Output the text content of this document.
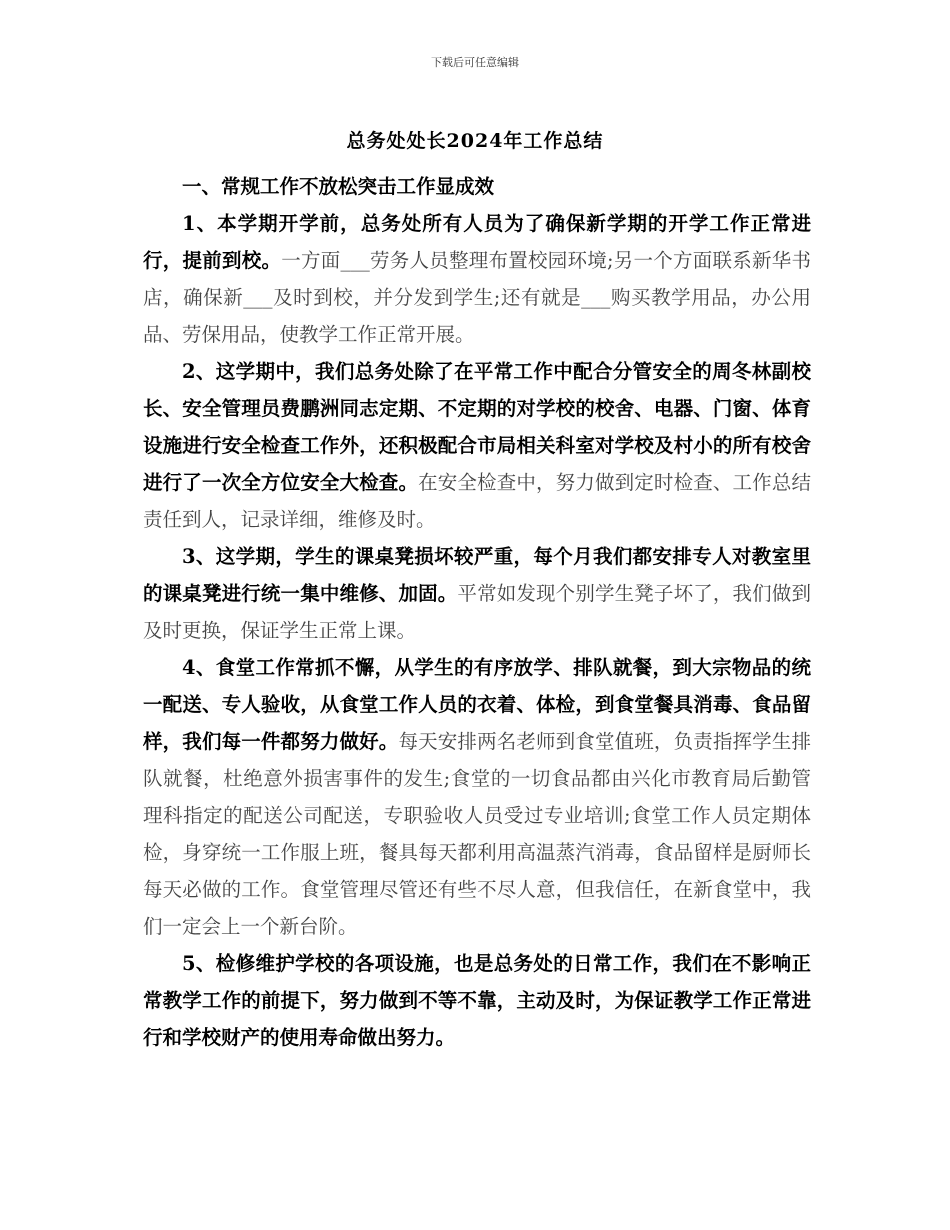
下载后可任意编辑
总务处处长2024年工作总结

一、常规工作不放松突击工作显成效

1、本学期开学前，总务处所有人员为了确保新学期的开学工作正常进行，提前到校。一方面___劳务人员整理布置校园环境;另一个方面联系新华书店，确保新___及时到校，并分发到学生;还有就是___购买教学用品，办公用品、劳保用品，使教学工作正常开展。

2、这学期中，我们总务处除了在平常工作中配合分管安全的周冬林副校长、安全管理员费鹏洲同志定期、不定期的对学校的校舍、电器、门窗、体育设施进行安全检查工作外，还积极配合市局相关科室对学校及村小的所有校舍进行了一次全方位安全大检查。在安全检查中，努力做到定时检查、工作总结责任到人，记录详细，维修及时。

3、这学期，学生的课桌凳损坏较严重，每个月我们都安排专人对教室里的课桌凳进行统一集中维修、加固。平常如发现个别学生凳子坏了，我们做到及时更换，保证学生正常上课。

4、食堂工作常抓不懈，从学生的有序放学、排队就餐，到大宗物品的统一配送、专人验收，从食堂工作人员的衣着、体检，到食堂餐具消毒、食品留样，我们每一件都努力做好。每天安排两名老师到食堂值班，负责指挥学生排队就餐，杜绝意外损害事件的发生;食堂的一切食品都由兴化市教育局后勤管理科指定的配送公司配送，专职验收人员受过专业培训;食堂工作人员定期体检，身穿统一工作服上班，餐具每天都利用高温蒸汽消毒，食品留样是厨师长每天必做的工作。食堂管理尽管还有些不尽人意，但我信任，在新食堂中，我们一定会上一个新台阶。

5、检修维护学校的各项设施，也是总务处的日常工作，我们在不影响正常教学工作的前提下，努力做到不等不靠，主动及时，为保证教学工作正常进行和学校财产的使用寿命做出努力。
